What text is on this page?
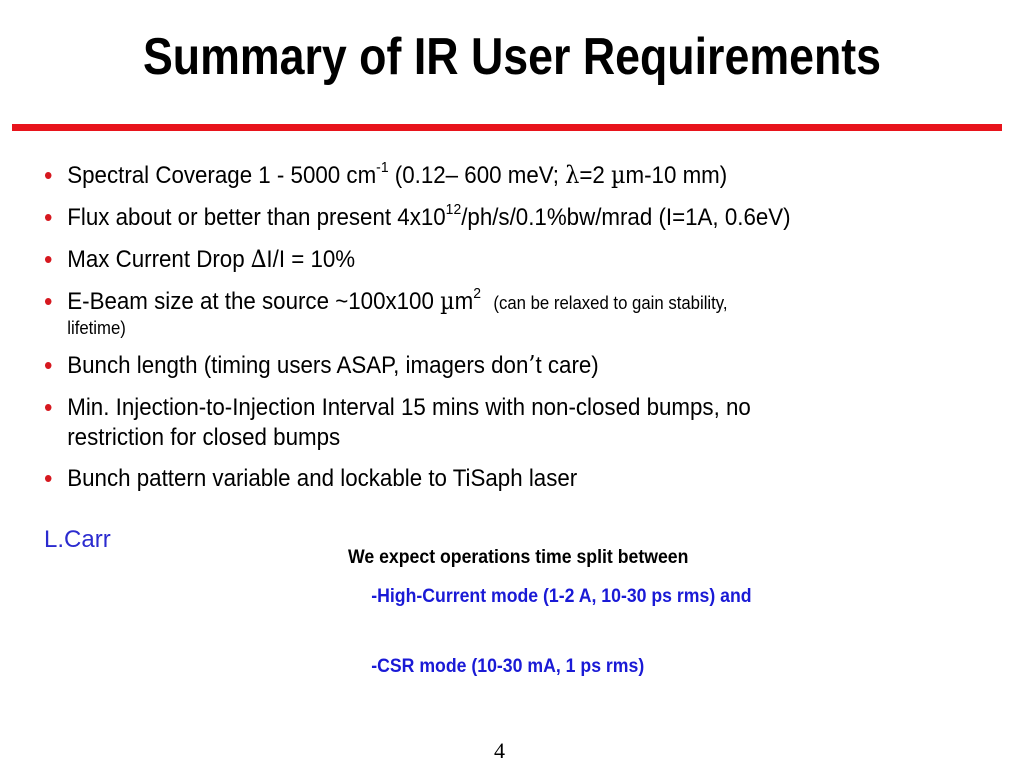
Summary of IR User Requirements
• Spectral Coverage 1 - 5000 $cm^{-1}$ (0.12– 600 meV; λ=2 µm-10 mm)
• Flux about or better than present $4x10^{12}/ph/s/0.1\%bw$/mrad (I=1A, 0.6eV)
• Max Current Drop ∆I/I = 10%
• E-Beam size at the source ~100x100 µm$^2$ (can be relaxed to gain stability,
lifetime)
• Bunch length (timing users ASAP, imagers don’t care)
• Min. Injection-to-Injection Interval 15 mins with non-closed bumps, no
restriction for closed bumps
• Bunch pattern variable and lockable to TiSaph laser
L.Carr
We expect operations time split between
-High-Current mode (1-2 A, 10-30 ps rms) and
-CSR mode (10-30 mA, 1 ps rms)
4
